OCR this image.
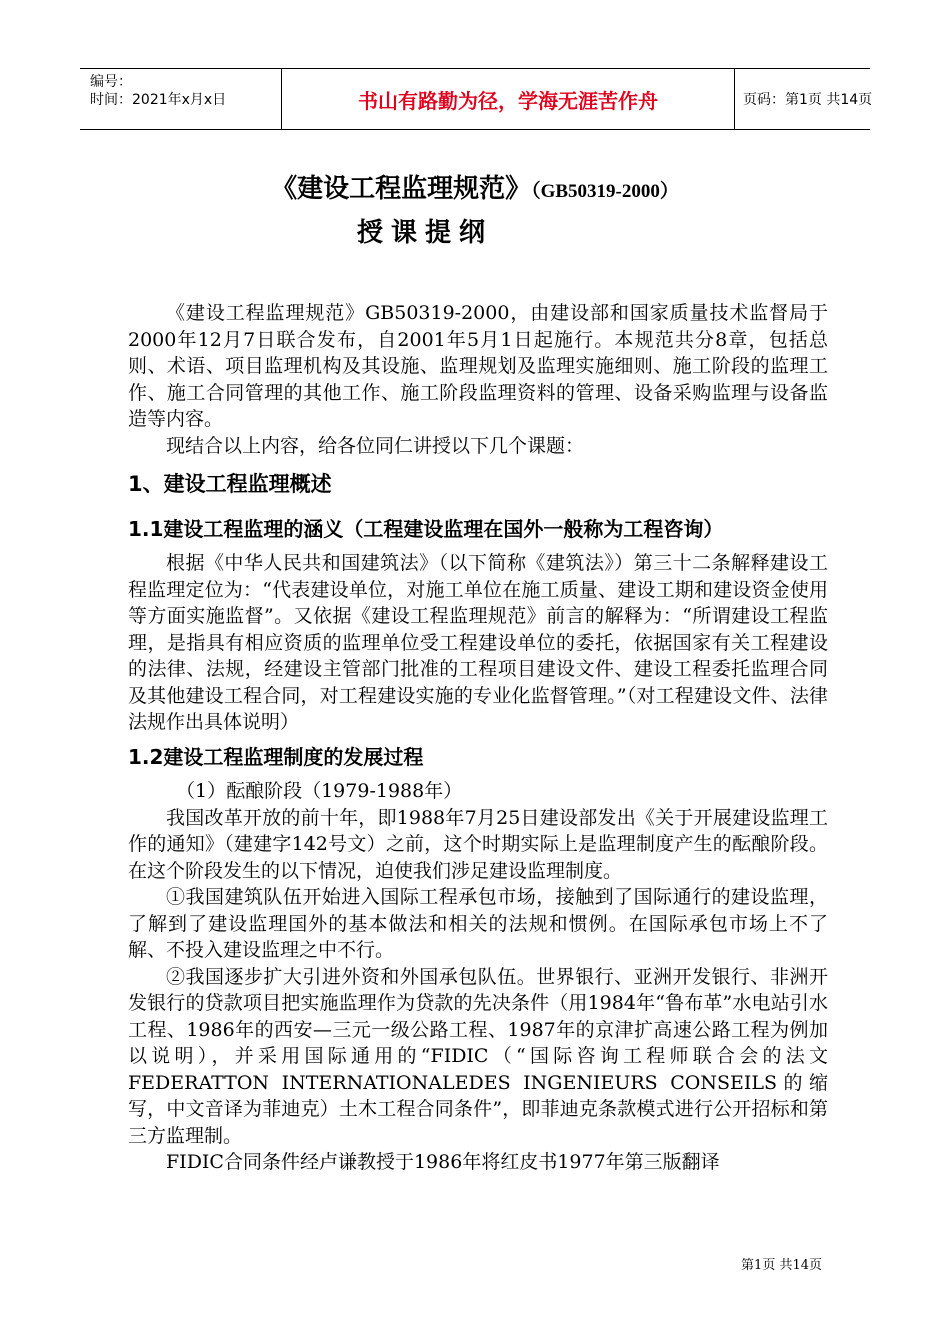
编号：
时间：2021年x月x日	书山有路勤为径，学海无涯苦作舟	页码：第1页 共14页
《建设工程监理规范》（GB50319-2000）
授课提纲

《建设工程监理规范》GB50319-2000，由建设部和国家质量技术监督局于2000年12月7日联合发布，自2001年5月1日起施行。本规范共分8章，包括总则、术语、项目监理机构及其设施、监理规划及监理实施细则、施工阶段的监理工作、施工合同管理的其他工作、施工阶段监理资料的管理、设备采购监理与设备监造等内容。

现结合以上内容，给各位同仁讲授以下几个课题：

1、建设工程监理概述

1.1建设工程监理的涵义（工程建设监理在国外一般称为工程咨询）

根据《中华人民共和国建筑法》（以下简称《建筑法》）第三十二条解释建设工程监理定位为：“代表建设单位，对施工单位在施工质量、建设工期和建设资金使用等方面实施监督”。又依据《建设工程监理规范》前言的解释为：“所谓建设工程监理，是指具有相应资质的监理单位受工程建设单位的委托，依据国家有关工程建设的法律、法规，经建设主管部门批准的工程项目建设文件、建设工程委托监理合同及其他建设工程合同，对工程建设实施的专业化监督管理。”（对工程建设文件、法律法规作出具体说明）

1.2建设工程监理制度的发展过程

（1）酝酿阶段（1979-1988年）

我国改革开放的前十年，即1988年7月25日建设部发出《关于开展建设监理工作的通知》（建建字142号文）之前，这个时期实际上是监理制度产生的酝酿阶段。在这个阶段发生的以下情况，迫使我们涉足建设监理制度。

①我国建筑队伍开始进入国际工程承包市场，接触到了国际通行的建设监理，了解到了建设监理国外的基本做法和相关的法规和惯例。在国际承包市场上不了解、不投入建设监理之中不行。

②我国逐步扩大引进外资和外国承包队伍。世界银行、亚洲开发银行、非洲开发银行的贷款项目把实施监理作为贷款的先决条件（用1984年“鲁布革”水电站引水工程、1986年的西安—三元一级公路工程、1987年的京津扩高速公路工程为例加以说明），并采用国际通用的“FIDIC（“国际咨询工程师联合会的法文FEDERATTON INTERNATIONALEDES INGENIEURS CONSEILS的缩写，中文音译为菲迪克）土木工程合同条件”，即菲迪克条款模式进行公开招标和第三方监理制。

FIDIC合同条件经卢谦教授于1986年将红皮书1977年第三版翻译

第1页 共14页
